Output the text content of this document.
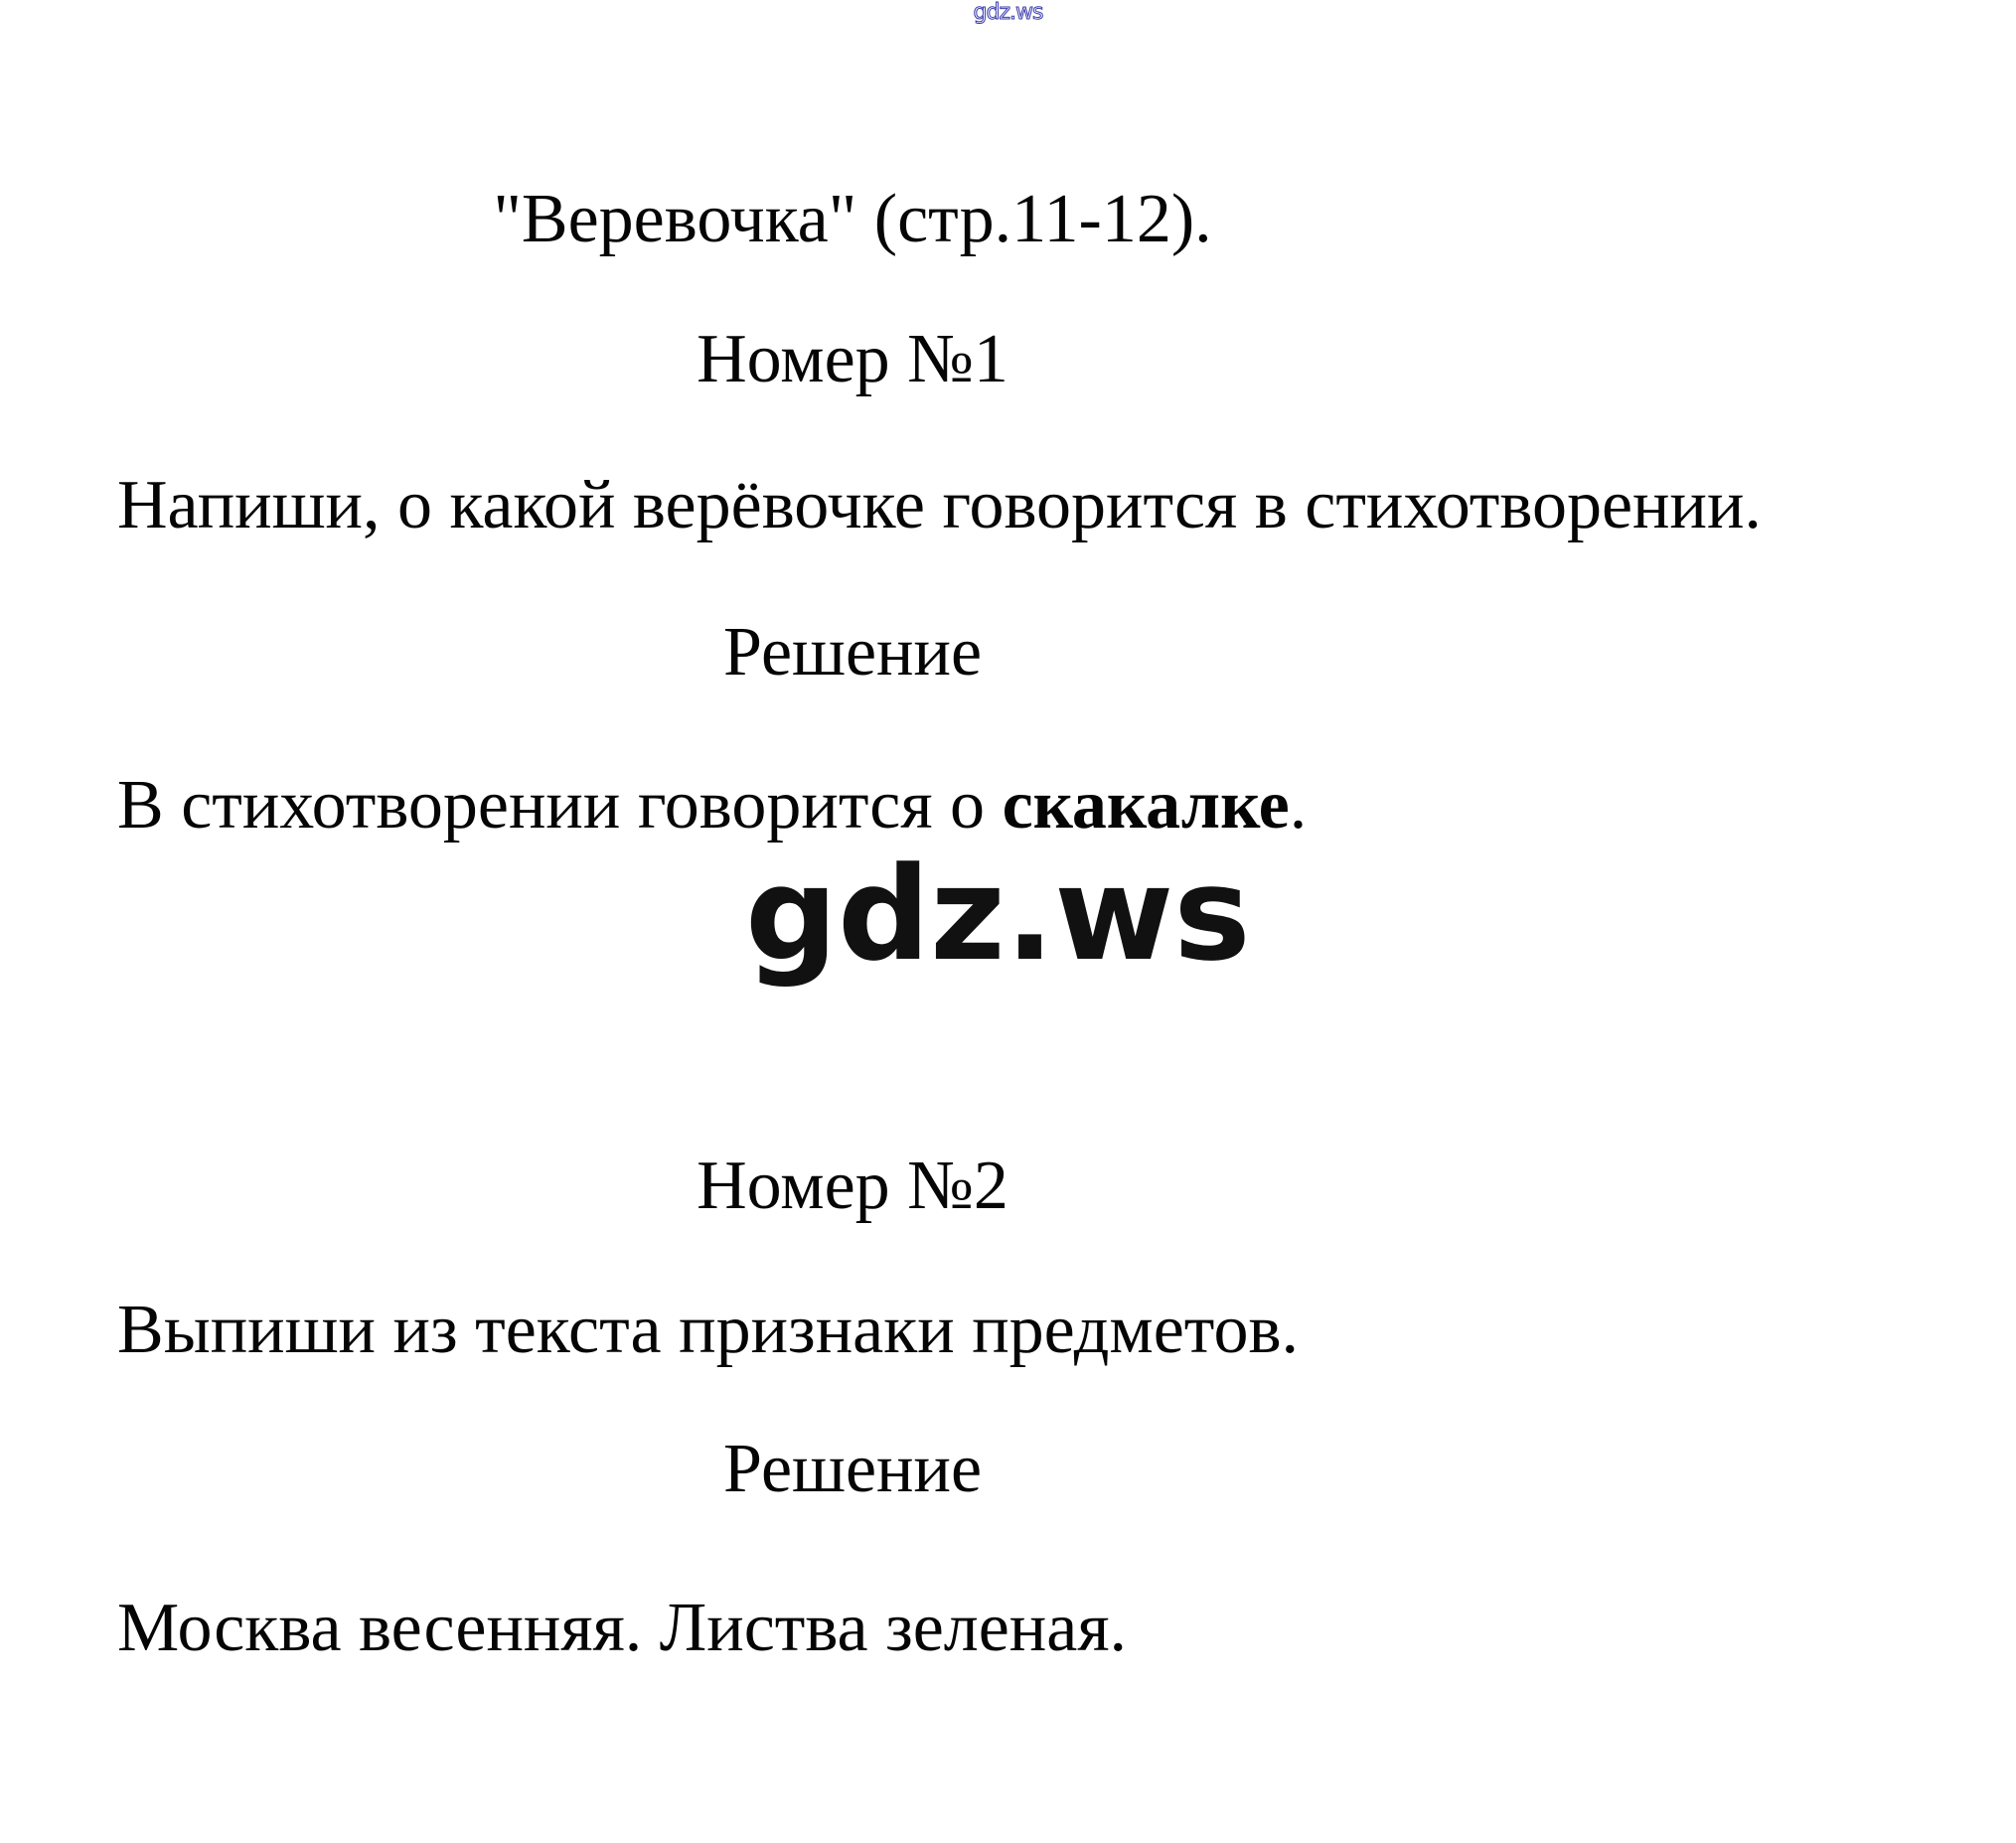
gdz.ws
"Веревочка" (стр.11-12).
Номер №1
Напиши, о какой верёвочке говорится в стихотворении.
Решение
В стихотворении говорится о скакалке.
gdz.ws
Номер №2
Выпиши из текста признаки предметов.
Решение
Москва весенняя. Листва зеленая.
